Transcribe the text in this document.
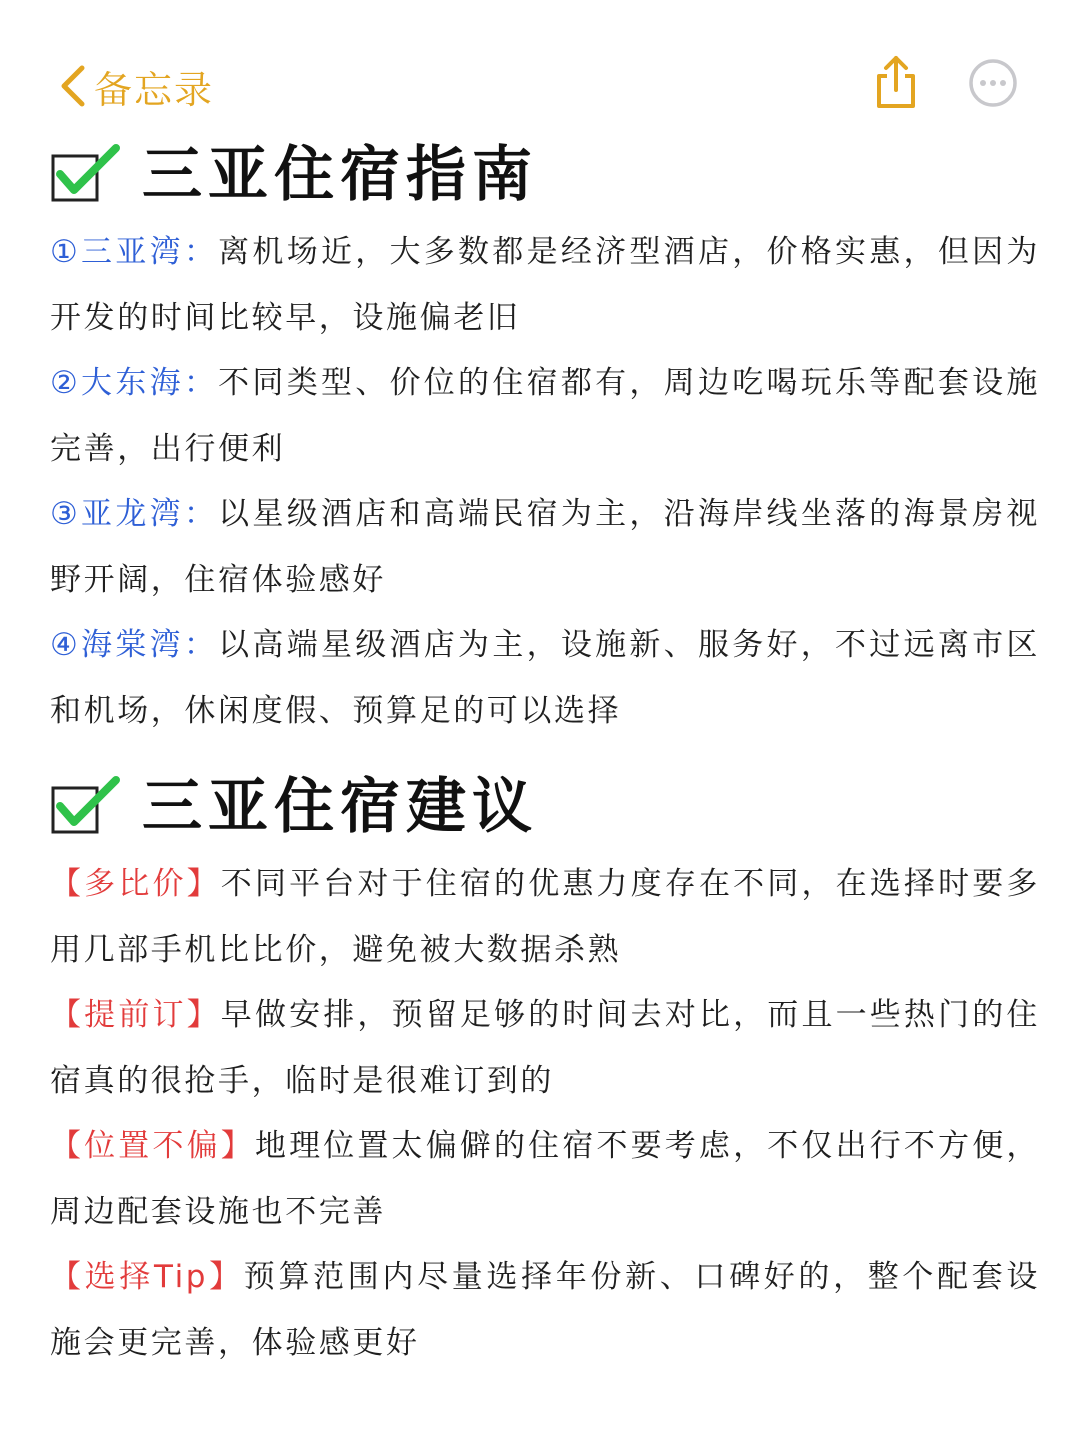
备忘录
三亚住宿指南
①三亚湾：离机场近，大多数都是经济型酒店，价格实惠，但因为开发的时间比较早，设施偏老旧
②大东海：不同类型、价位的住宿都有，周边吃喝玩乐等配套设施完善，出行便利
③亚龙湾：以星级酒店和高端民宿为主，沿海岸线坐落的海景房视野开阔，住宿体验感好
④海棠湾：以高端星级酒店为主，设施新、服务好，不过远离市区和机场，休闲度假、预算足的可以选择
三亚住宿建议
【多比价】不同平台对于住宿的优惠力度存在不同，在选择时要多用几部手机比比价，避免被大数据杀熟
【提前订】早做安排，预留足够的时间去对比，而且一些热门的住宿真的很抢手，临时是很难订到的
【位置不偏】地理位置太偏僻的住宿不要考虑，不仅出行不方便，周边配套设施也不完善
【选择Tip】预算范围内尽量选择年份新、口碑好的，整个配套设施会更完善，体验感更好
